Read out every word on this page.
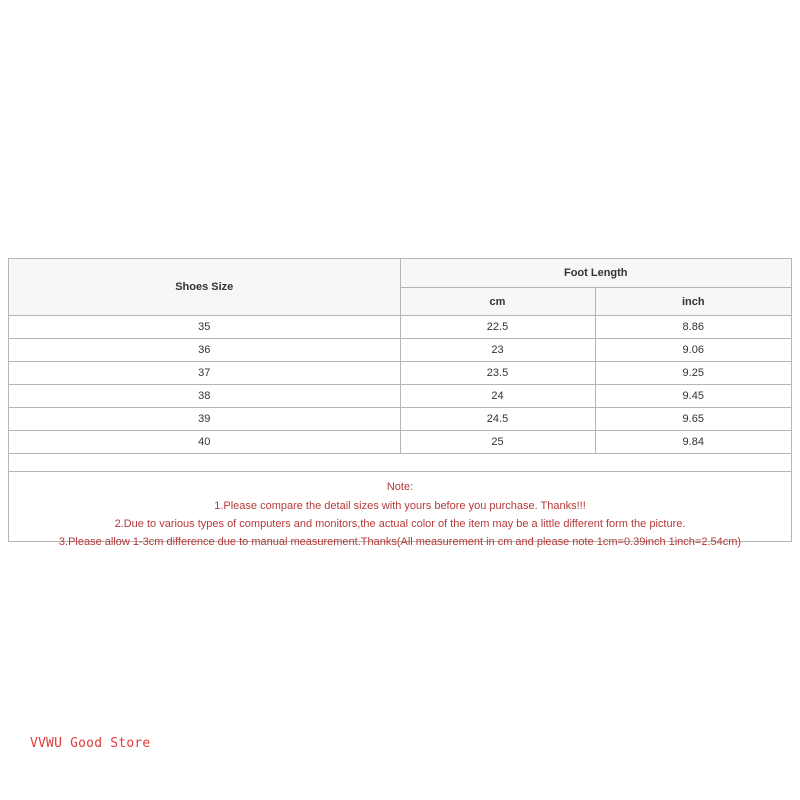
Shoes Size	Foot Length	
	cm	inch
35	22.5	8.86
36	23	9.06
37	23.5	9.25
38	24	9.45
39	24.5	9.65
40	25	9.84
Note:
1.Please compare the detail sizes with yours before you purchase. Thanks!!!
2.Due to various types of computers and monitors,the actual color of the item may be a little different form the picture.
3.Please allow 1-3cm difference due to manual measurement.Thanks(All measurement in cm and please note 1cm=0.39inch 1inch=2.54cm)
VVWU Good Store
